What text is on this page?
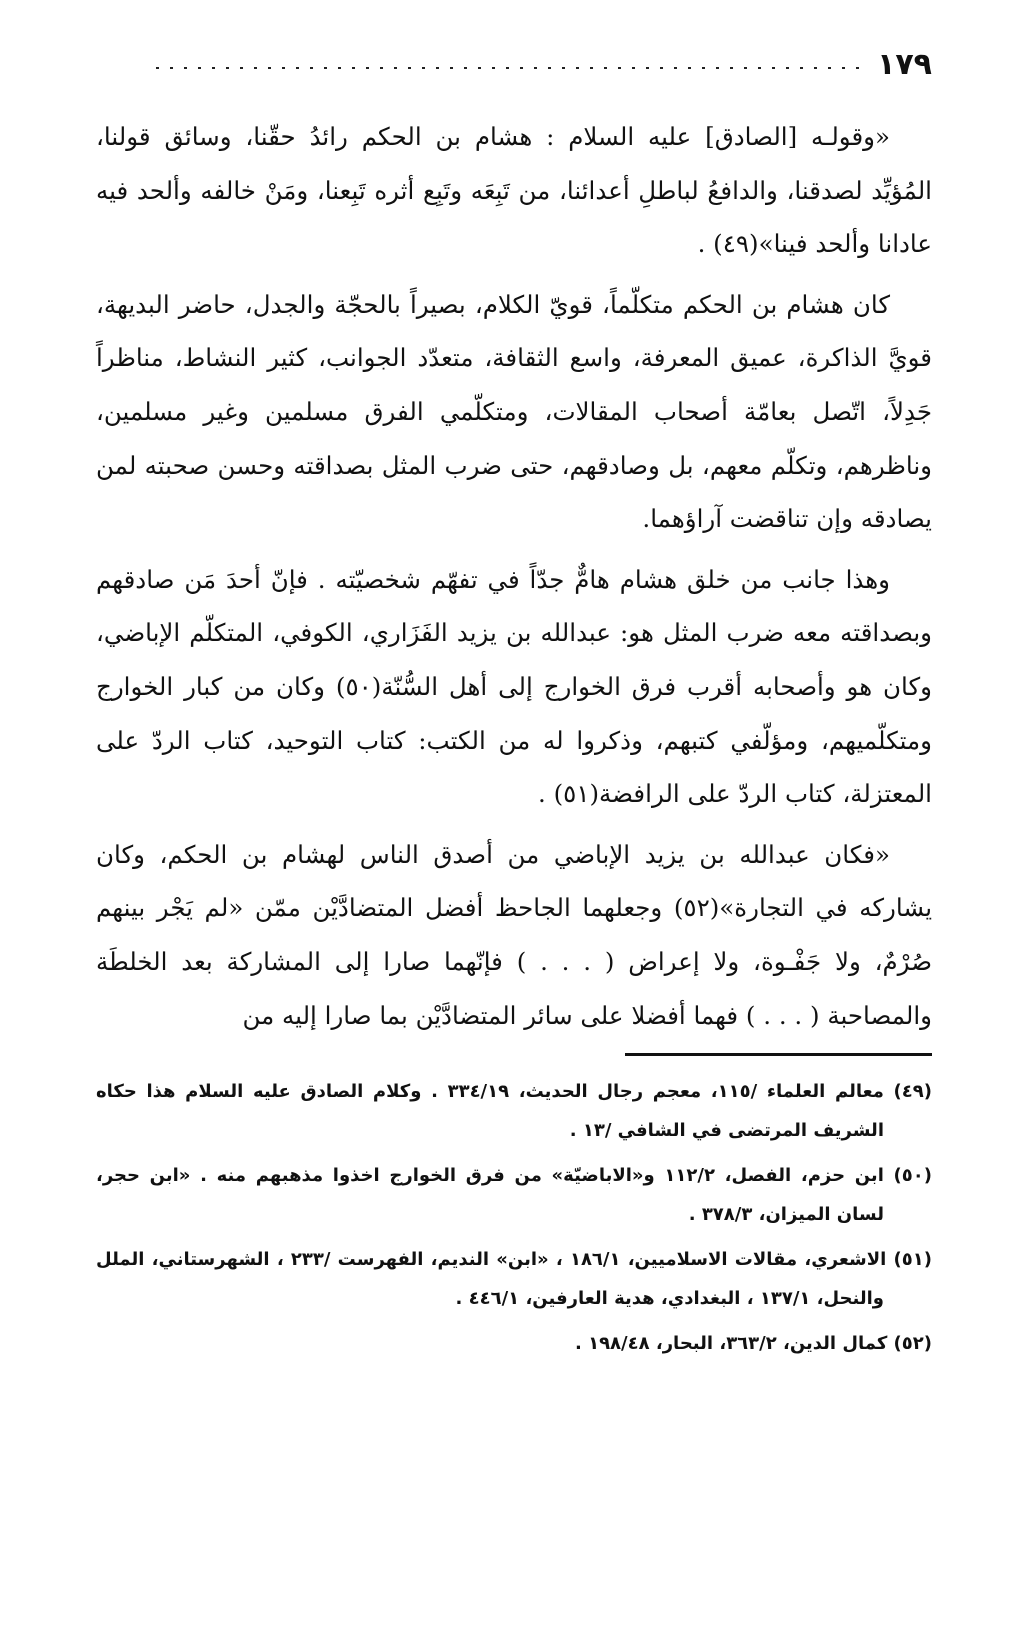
١٧٩

«وقولـه [الصادق] عليه السلام : هشام بن الحكم رائدُ حقّنا، وسائق قولنا، المُؤيِّد لصدقنا، والدافعُ لباطلِ أعدائنا، من تَبِعَه وتَبِع أثره تَبِعنا، ومَنْ خالفه وألحد فيه عادانا وألحد فينا»(٤٩) .

كان هشام بن الحكم متكلّماً، قويّ الكلام، بصيراً بالحجّة والجدل، حاضر البديهة، قويَّ الذاكرة، عميق المعرفة، واسع الثقافة، متعدّد الجوانب، كثير النشاط، مناظراً جَدِلاً، اتّصل بعامّة أصحاب المقالات، ومتكلّمي الفرق مسلمين وغير مسلمين، وناظرهم، وتكلّم معهم، بل وصادقهم، حتى ضرب المثل بصداقته وحسن صحبته لمن يصادقه وإن تناقضت آراؤهما.

وهذا جانب من خلق هشام هامٌّ جدّاً في تفهّم شخصيّته . فإنّ أحدَ مَن صادقهم وبصداقته معه ضرب المثل هو: عبدالله بن يزيد الفَزَاري، الكوفي، المتكلّم الإباضي، وكان هو وأصحابه أقرب فرق الخوارج إلى أهل السُّنّة(٥٠) وكان من كبار الخوارج ومتكلّميهم، ومؤلّفي كتبهم، وذكروا له من الكتب: كتاب التوحيد، كتاب الردّ على المعتزلة، كتاب الردّ على الرافضة(٥١) .

«فكان عبدالله بن يزيد الإباضي من أصدق الناس لهشام بن الحكم، وكان يشاركه في التجارة»(٥٢) وجعلهما الجاحظ أفضل المتضادَّيْن ممّن «لم يَجْر بينهم صُرْمٌ، ولا جَفْـوة، ولا إعراض ( . . . ) فإنّهما صارا إلى المشاركة بعد الخلطَة والمصاحبة ( . . . ) فهما أفضلا على سائر المتضادَّيْن بما صارا إليه من

(٤٩) معالم العلماء /١١٥، معجم رجال الحديث، ٣٣٤/١٩ . وكلام الصادق عليه السلام هذا حكاه الشريف المرتضى في الشافي /١٣ .

(٥٠) ابن حزم، الفصل، ١١٢/٢ و«الاباضيّة» من فرق الخوارج اخذوا مذهبهم منه . «ابن حجر، لسان الميزان، ٣٧٨/٣ .

(٥١) الاشعري، مقالات الاسلاميين، ١٨٦/١ ، «ابن» النديم، الفهرست /٢٣٣ ، الشهرستاني، الملل والنحل، ١٣٧/١ ، البغدادي، هدية العارفين، ٤٤٦/١ .

(٥٢) كمال الدين، ٣٦٣/٢، البحار، ١٩٨/٤٨ .
